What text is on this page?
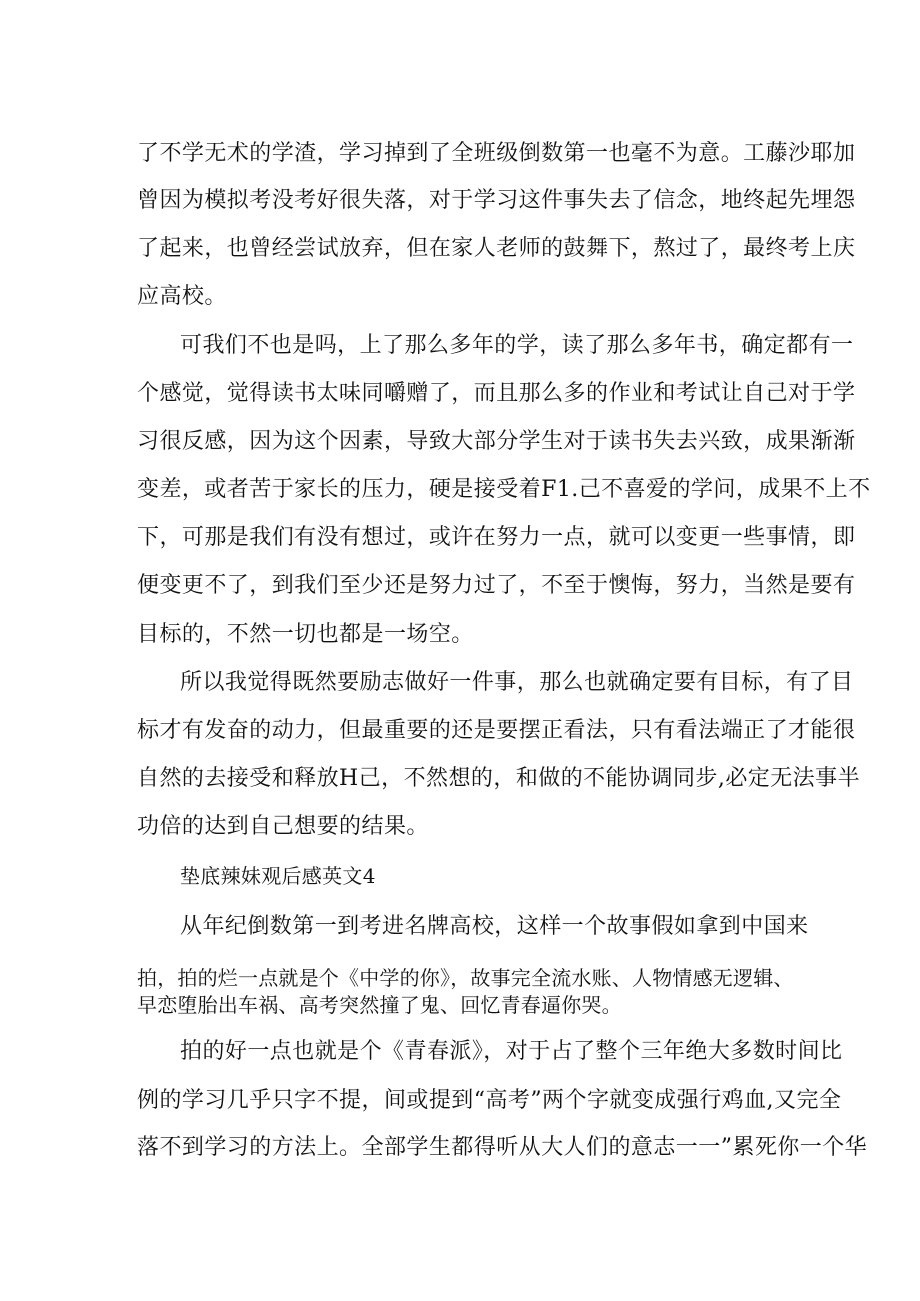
了不学无术的学渣，学习掉到了全班级倒数第一也毫不为意。工藤沙耶加
曾因为模拟考没考好很失落，对于学习这件事失去了信念，地终起先埋怨
了起来，也曾经尝试放弃，但在家人老师的鼓舞下，熬过了，最终考上庆
应高校。
可我们不也是吗，上了那么多年的学，读了那么多年书，确定都有一
个感觉，觉得读书太味同嚼赠了，而且那么多的作业和考试让自己对于学
习很反感，因为这个因素，导致大部分学生对于读书失去兴致，成果渐渐
变差，或者苦于家长的压力，硬是接受着F1.己不喜爱的学问，成果不上不
下，可那是我们有没有想过，或许在努力一点，就可以变更一些事情，即
便变更不了，到我们至少还是努力过了，不至于懊悔，努力，当然是要有
目标的，不然一切也都是一场空。
所以我觉得既然要励志做好一件事，那么也就确定要有目标，有了目
标才有发奋的动力，但最重要的还是要摆正看法，只有看法端正了才能很
自然的去接受和释放H己，不然想的，和做的不能协调同步,必定无法事半
功倍的达到自己想要的结果。
垫底辣妹观后感英文4
从年纪倒数第一到考进名牌高校，这样一个故事假如拿到中国来
拍，拍的烂一点就是个《中学的你》，故事完全流水账、人物情感无逻辑、
早恋堕胎出车祸、高考突然撞了鬼、回忆青春逼你哭。
拍的好一点也就是个《青春派》，对于占了整个三年绝大多数时间比
例的学习几乎只字不提，间或提到“高考”两个字就变成强行鸡血,又完全
落不到学习的方法上。全部学生都得听从大人们的意志一一”累死你一个华
